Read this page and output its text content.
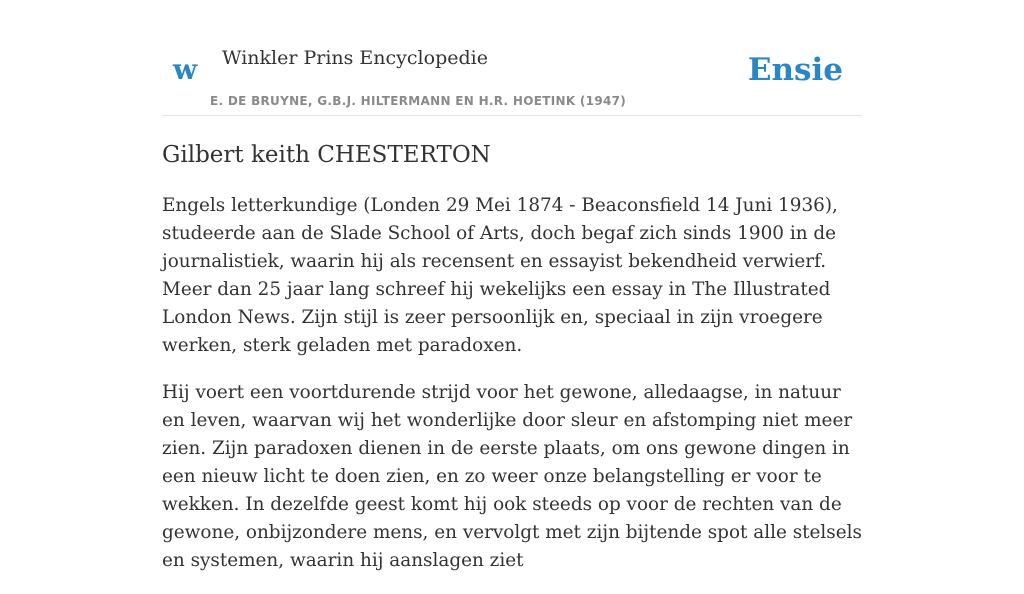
w Winkler Prins Encyclopedie
E. DE BRUYNE, G.B.J. HILTERMANN EN H.R. HOETINK (1947)
Ensie
Gilbert keith CHESTERTON

Engels letterkundige (Londen 29 Mei 1874 - Beaconsfield 14 Juni 1936), studeerde aan de Slade School of Arts, doch begaf zich sinds 1900 in de journalistiek, waarin hij als recensent en essayist bekendheid verwierf. Meer dan 25 jaar lang schreef hij wekelijks een essay in The Illustrated London News. Zijn stijl is zeer persoonlijk en, speciaal in zijn vroegere werken, sterk geladen met paradoxen.

Hij voert een voortdurende strijd voor het gewone, alledaagse, in natuur en leven, waarvan wij het wonderlijke door sleur en afstomping niet meer zien. Zijn paradoxen dienen in de eerste plaats, om ons gewone dingen in een nieuw licht te doen zien, en zo weer onze belangstelling er voor te wekken. In dezelfde geest komt hij ook steeds op voor de rechten van de gewone, onbijzondere mens, en vervolgt met zijn bijtende spot alle stelsels en systemen, waarin hij aanslagen ziet
